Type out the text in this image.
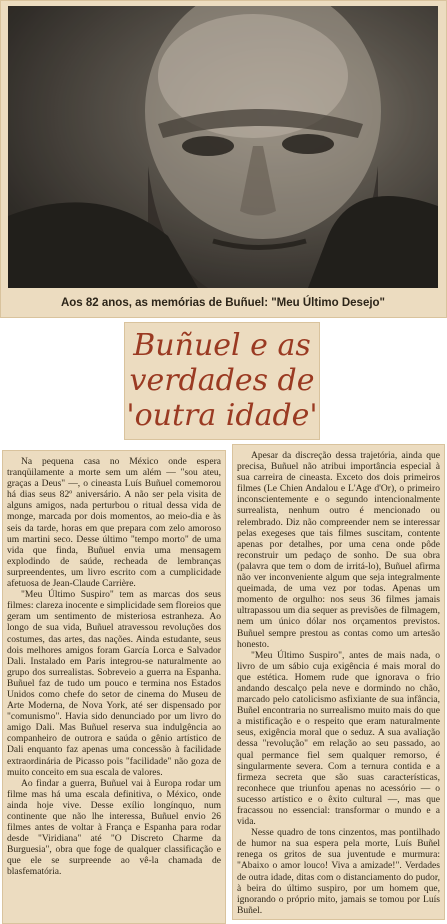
Aos 82 anos, as memórias de Buñuel: "Meu Último Desejo"
Buñuel e as
verdades de
'outra idade'

Na pequena casa no México onde espera tranqüilamente a morte sem um além — "sou ateu, graças a Deus" —, o cineasta Luís Buñuel comemorou há dias seus 82º aniversário. A não ser pela visita de alguns amigos, nada perturbou o ritual dessa vida de monge, marcada por dois momentos, ao meio-dia e às seis da tarde, horas em que prepara com zelo amoroso um martini seco. Desse último "tempo morto" de uma vida que finda, Buñuel envia uma mensagem explodindo de saúde, recheada de lembranças surpreendentes, um livro escrito com a cumplicidade afetuosa de Jean-Claude Carrière.

"Meu Último Suspiro" tem as marcas dos seus filmes: clareza inocente e simplicidade sem floreios que geram um sentimento de misteriosa estranheza. Ao longo de sua vida, Buñuel atravessou revoluções dos costumes, das artes, das nações. Ainda estudante, seus dois melhores amigos foram García Lorca e Salvador Dali. Instalado em Paris integrou-se naturalmente ao grupo dos surrealistas. Sobreveio a guerra na Espanha. Buñuel faz de tudo um pouco e termina nos Estados Unidos como chefe do setor de cinema do Museu de Arte Moderna, de Nova York, até ser dispensado por "comunismo". Havia sido denunciado por um livro do amigo Dali. Mas Buñuel reserva sua indulgência ao companheiro de outrora e saúda o gênio artístico de Dali enquanto faz apenas uma concessão à facilidade extraordinária de Picasso pois "facilidade" não goza de muito conceito em sua escala de valores.

Ao findar a guerra, Buñuel vai à Europa rodar um filme mas há uma escala definitiva, o México, onde ainda hoje vive. Desse exílio longínquo, num continente que não lhe interessa, Buñuel envio 26 filmes antes de voltar à França e Espanha para rodar desde "Viridiana" até "O Discreto Charme da Burguesia", obra que foge de qualquer classificação e que ele se surpreende ao vê-la chamada de blasfematória.

Apesar da discreção dessa trajetória, ainda que precisa, Buñuel não atribui importância especial à sua carreira de cineasta. Exceto dos dois primeiros filmes (Le Chien Andalou e L'Age d'Or), o primeiro inconscientemente e o segundo intencionalmente surrealista, nenhum outro é mencionado ou relembrado. Diz não compreender nem se interessar pelas exegeses que tais filmes suscitam, contente apenas por detalhes, por uma cena onde pôde reconstruir um pedaço de sonho. De sua obra (palavra que tem o dom de irritá-lo), Buñuel afirma não ver inconveniente algum que seja integralmente queimada, de uma vez por todas. Apenas um momento de orgulho: nos seus 36 filmes jamais ultrapassou um dia sequer as previsões de filmagem, nem um único dólar nos orçamentos previstos. Buñuel sempre prestou as contas como um artesão honesto.

"Meu Último Suspiro", antes de mais nada, o livro de um sábio cuja exigência é mais moral do que estética. Homem rude que ignorava o frio andando descalço pela neve e dormindo no chão, marcado pelo catolicismo asfixiante de sua infância, Buñel encontraria no surrealismo muito mais do que a mistificação e o respeito que eram naturalmente seus, exigência moral que o seduz. A sua avaliação dessa "revolução" em relação ao seu passado, ao qual permance fiel sem qualquer remorso, é singularmente severa. Com a ternura contida e a firmeza secreta que são suas características, reconhece que triunfou apenas no acessório — o sucesso artístico e o êxito cultural —, mas que fracassou no essencial: transformar o mundo e a vida.

Nesse quadro de tons cinzentos, mas pontilhado de humor na sua espera pela morte, Luís Buñel renega os gritos de sua juventude e murmura: "Abaixo o amor louco! Viva a amizade!". Verdades de outra idade, ditas com o distanciamento do pudor, à beira do último suspiro, por um homem que, ignorando o próprio mito, jamais se tomou por Luís Buñel.
